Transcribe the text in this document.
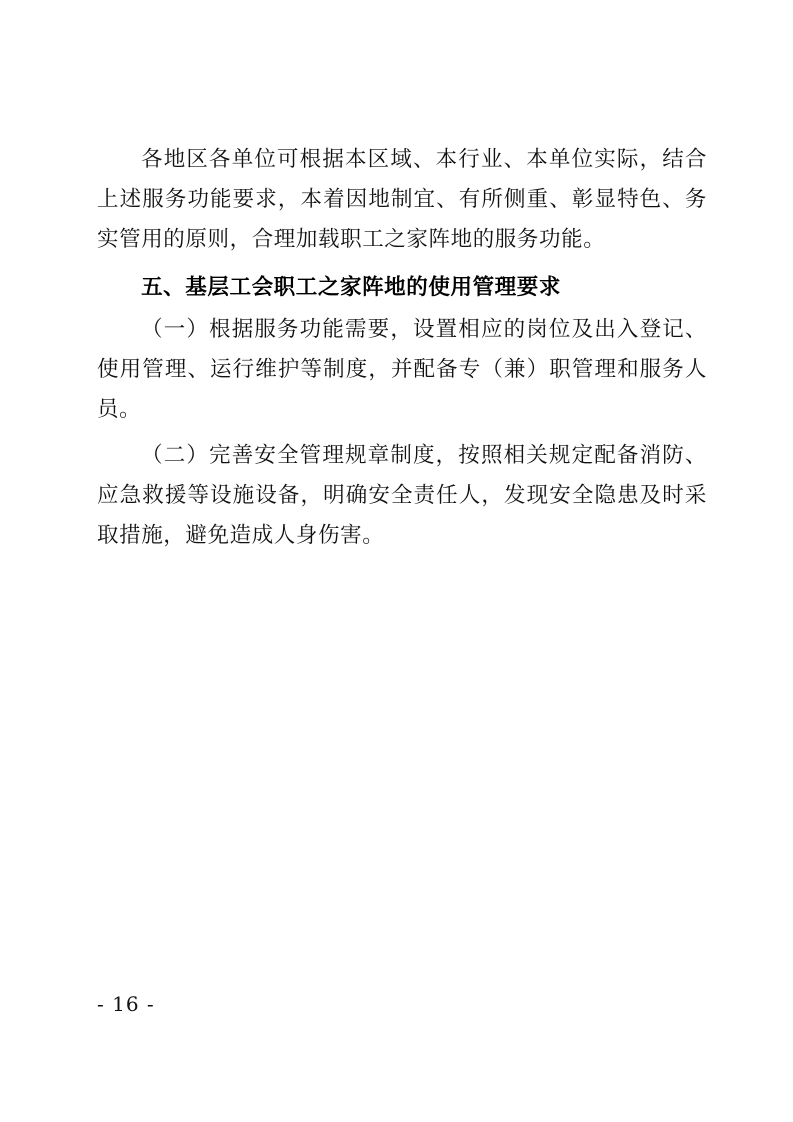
各地区各单位可根据本区域、本行业、本单位实际，结合上述服务功能要求，本着因地制宜、有所侧重、彰显特色、务实管用的原则，合理加载职工之家阵地的服务功能。

五、基层工会职工之家阵地的使用管理要求

（一）根据服务功能需要，设置相应的岗位及出入登记、使用管理、运行维护等制度，并配备专（兼）职管理和服务人员。

（二）完善安全管理规章制度，按照相关规定配备消防、应急救援等设施设备，明确安全责任人，发现安全隐患及时采取措施，避免造成人身伤害。

- 16 -
